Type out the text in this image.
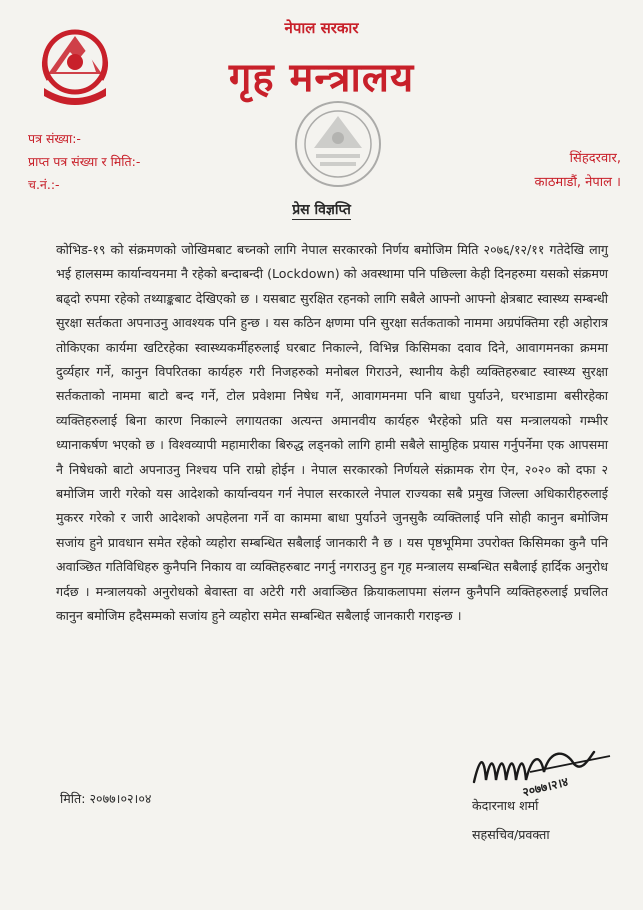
नेपाल सरकार
गृह मन्त्रालय
पत्र संख्या:-
प्राप्त पत्र संख्या र मिति:-
च.नं.:-
सिंहदरवार,
काठमाडौं, नेपाल ।
प्रेस विज्ञप्ति
कोभिड-१९ को संक्रमणको जोखिमबाट बच्नको लागि नेपाल सरकारको निर्णय बमोजिम मिति २०७६/१२/११ गतेदेखि लागु भई हालसम्म कार्यान्वयनमा नै रहेको बन्दाबन्दी (Lockdown) को अवस्थामा पनि पछिल्ला केही दिनहरुमा यसको संक्रमण बढ्दो रुपमा रहेको तथ्याङ्कबाट देखिएको छ । यसबाट सुरक्षित रहनको लागि सबैले आफ्नो आफ्नो क्षेत्रबाट स्वास्थ्य सम्बन्धी सुरक्षा सर्तकता अपनाउनु आवश्यक पनि हुन्छ । यस कठिन क्षणमा पनि सुरक्षा सर्तकताको नाममा अग्रपंक्तिमा रही अहोरात्र तोकिएका कार्यमा खटिरहेका स्वास्थ्यकर्मीहरुलाई घरबाट निकाल्ने, विभिन्न किसिमका दवाव दिने, आवागमनका क्रममा दुर्व्यहार गर्ने, कानुन विपरितका कार्यहरु गरी निजहरुको मनोबल गिराउने, स्थानीय केही व्यक्तिहरुबाट स्वास्थ्य सुरक्षा सर्तकताको नाममा बाटो बन्द गर्ने, टोल प्रवेशमा निषेध गर्ने, आवागमनमा पनि बाधा पुर्याउने, घरभाडामा बसीरहेका व्यक्तिहरुलाई बिना कारण निकाल्ने लगायतका अत्यन्त अमानवीय कार्यहरु भैरहेको प्रति यस मन्त्रालयको गम्भीर ध्यानाकर्षण भएको छ । विश्वव्यापी महामारीका बिरुद्ध लड्नको लागि हामी सबैले सामुहिक प्रयास गर्नुपर्नेमा एक आपसमा नै निषेधको बाटो अपनाउनु निश्चय पनि राम्रो होईन । नेपाल सरकारको निर्णयले संक्रामक रोग ऐन, २०२० को दफा २ बमोजिम जारी गरेको यस आदेशको कार्यान्वयन गर्न नेपाल सरकारले नेपाल राज्यका सबै प्रमुख जिल्ला अधिकारीहरुलाई मुकरर गरेको र जारी आदेशको अपहेलना गर्ने वा काममा बाधा पुर्याउने जुनसुकै व्यक्तिलाई पनि सोही कानुन बमोजिम सजांय हुने प्रावधान समेत रहेको व्यहोरा सम्बन्धित सबैलाई जानकारी नै छ । यस पृष्ठभूमिमा उपरोक्त किसिमका कुनै पनि अवाञ्छित गतिविधिहरु कुनैपनि निकाय वा व्यक्तिहरुबाट नगर्नु नगराउनु हुन गृह मन्त्रालय सम्बन्धित सबैलाई हार्दिक अनुरोध गर्दछ । मन्त्रालयको अनुरोधको बेवास्ता वा अटेरी गरी अवाञ्छित क्रियाकलापमा संलग्न कुनैपनि व्यक्तिहरुलाई प्रचलित कानुन बमोजिम हदैसम्मको सजांय हुने व्यहोरा समेत सम्बन्धित सबैलाई जानकारी गराइन्छ ।
२०७७।२।४
मिति: २०७७।०२।०४	केदारनाथ शर्मा
सहसचिव/प्रवक्ता
